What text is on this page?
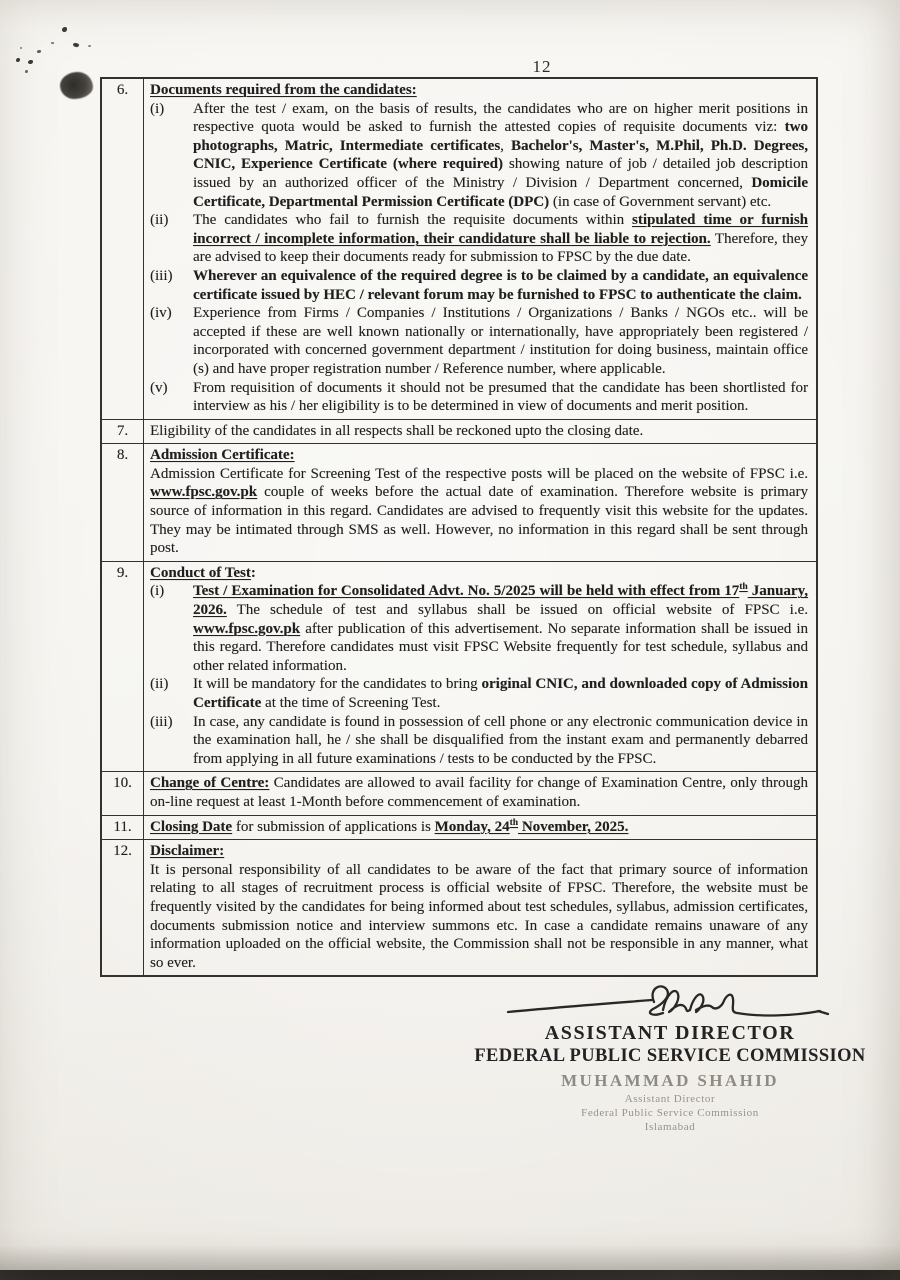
12
6.	Documents required from the candidates:
(i)	After the test / exam, on the basis of results, the candidates who are on higher merit positions in respective quota would be asked to furnish the attested copies of requisite documents viz: two photographs, Matric, Intermediate certificates, Bachelor's, Master's, M.Phil, Ph.D. Degrees, CNIC, Experience Certificate (where required) showing nature of job / detailed job description issued by an authorized officer of the Ministry / Division / Department concerned, Domicile Certificate, Departmental Permission Certificate (DPC) (in case of Government servant) etc.
(ii)	The candidates who fail to furnish the requisite documents within stipulated time or furnish incorrect / incomplete information, their candidature shall be liable to rejection. Therefore, they are advised to keep their documents ready for submission to FPSC by the due date.
(iii)	Wherever an equivalence of the required degree is to be claimed by a candidate, an equivalence certificate issued by HEC / relevant forum may be furnished to FPSC to authenticate the claim.
(iv)	Experience from Firms / Companies / Institutions / Organizations / Banks / NGOs etc.. will be accepted if these are well known nationally or internationally, have appropriately been registered / incorporated with concerned government department / institution for doing business, maintain office (s) and have proper registration number / Reference number, where applicable.
(v)	From requisition of documents it should not be presumed that the candidate has been shortlisted for interview as his / her eligibility is to be determined in view of documents and merit position.
7.	Eligibility of the candidates in all respects shall be reckoned upto the closing date.
8.	Admission Certificate:
Admission Certificate for Screening Test of the respective posts will be placed on the website of FPSC i.e. www.fpsc.gov.pk couple of weeks before the actual date of examination. Therefore website is primary source of information in this regard. Candidates are advised to frequently visit this website for the updates. They may be intimated through SMS as well. However, no information in this regard shall be sent through post.
9.	Conduct of Test:
(i)	Test / Examination for Consolidated Advt. No. 5/2025 will be held with effect from 17th January, 2026. The schedule of test and syllabus shall be issued on official website of FPSC i.e. www.fpsc.gov.pk after publication of this advertisement. No separate information shall be issued in this regard. Therefore candidates must visit FPSC Website frequently for test schedule, syllabus and other related information.
(ii)	It will be mandatory for the candidates to bring original CNIC, and downloaded copy of Admission Certificate at the time of Screening Test.
(iii)	In case, any candidate is found in possession of cell phone or any electronic communication device in the examination hall, he / she shall be disqualified from the instant exam and permanently debarred from applying in all future examinations / tests to be conducted by the FPSC.
10.	Change of Centre: Candidates are allowed to avail facility for change of Examination Centre, only through on-line request at least 1-Month before commencement of examination.
11.	Closing Date for submission of applications is Monday, 24th November, 2025.
12.	Disclaimer:
It is personal responsibility of all candidates to be aware of the fact that primary source of information relating to all stages of recruitment process is official website of FPSC. Therefore, the website must be frequently visited by the candidates for being informed about test schedules, syllabus, admission certificates, documents submission notice and interview summons etc. In case a candidate remains unaware of any information uploaded on the official website, the Commission shall not be responsible in any manner, what so ever.
ASSISTANT DIRECTOR
FEDERAL PUBLIC SERVICE COMMISSION
MUHAMMAD SHAHID
Assistant Director
Federal Public Service Commission
Islamabad
